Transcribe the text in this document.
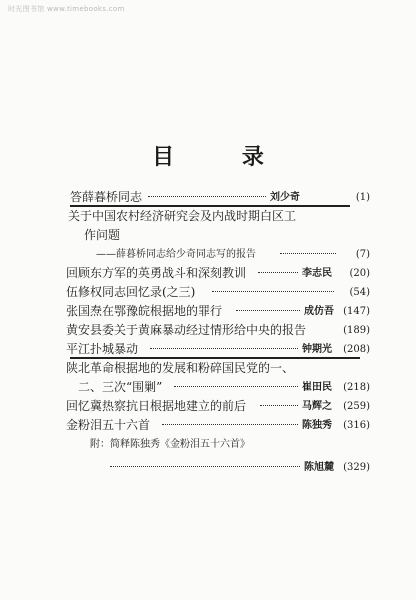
时光图书馆 www.timebooks.com
目 录
答薛暮桥同志	刘少奇	(1)
关于中国农村经济研究会及内战时期白区工
作问题
——薛暮桥同志给少奇同志写的报告	(7)
回顾东方军的英勇战斗和深刻教训	李志民 (20)
伍修权同志回忆录(之三)	(54)
张国焘在鄂豫皖根据地的罪行	成仿吾 (147)
黄安县委关于黄麻暴动经过情形给中央的报告	(189)
平江扑城暴动	钟期光 (208)
陕北革命根据地的发展和粉碎国民党的一、
二、三次“围剿”	崔田民 (218)
回忆冀热察抗日根据地建立的前后	马辉之 (259)
金粉泪五十六首	陈独秀 (316)
附：简释陈独秀《金粉泪五十六首》
陈旭麓 (329)
